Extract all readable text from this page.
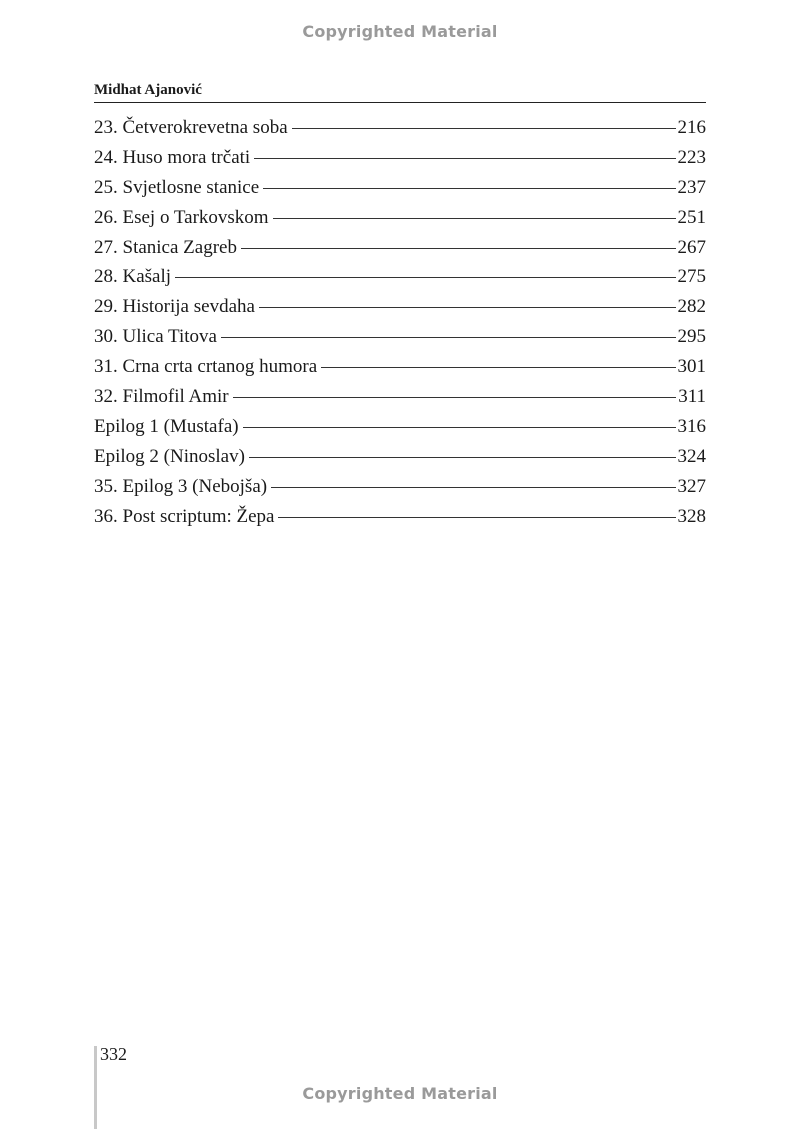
Copyrighted Material
Midhat Ajanović
23. Četverokrevetna soba	216
24. Huso mora trčati	223
25. Svjetlosne stanice	237
26. Esej o Tarkovskom	251
27. Stanica Zagreb	267
28. Kašalj	275
29. Historija sevdaha	282
30. Ulica Titova	295
31. Crna crta crtanog humora	301
32. Filmofil Amir	311
Epilog 1 (Mustafa)	316
Epilog 2 (Ninoslav)	324
35. Epilog 3 (Nebojša)	327
36. Post scriptum: Žepa	328
332
Copyrighted Material
